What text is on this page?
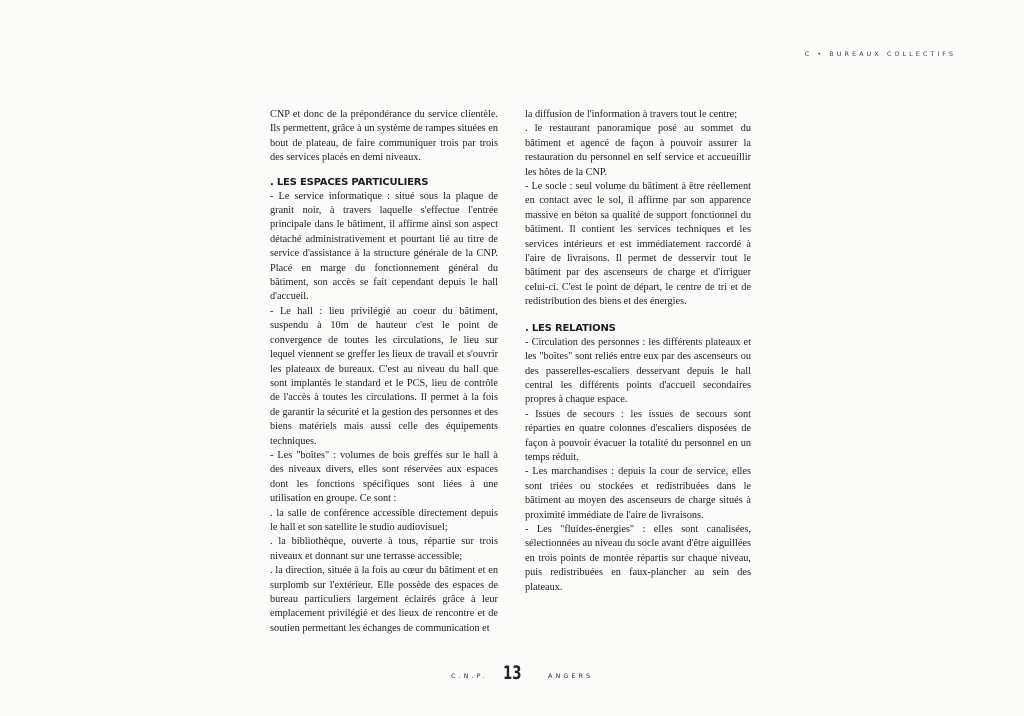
C • BUREAUX COLLECTIFS

CNP et donc de la prépondérance du service clientèle. Ils permettent, grâce à un système de rampes situées en bout de plateau, de faire communiquer trois par trois des services placés en demi niveaux.

. LES ESPACES PARTICULIERS

- Le service informatique : situé sous la plaque de granit noir, à travers laquelle s'effectue l'entrée principale dans le bâtiment, il affirme ainsi son aspect détaché administrativement et pourtant lié au titre de service d'assistance à la structure générale de la CNP. Placé en marge du fonctionnement général du bâtiment, son accès se fait cependant depuis le hall d'accueil.

- Le hall : lieu privilégié au coeur du bâtiment, suspendu à 10m de hauteur c'est le point de convergence de toutes les circulations, le lieu sur lequel viennent se greffer les lieux de travail et s'ouvrir les plateaux de bureaux. C'est au niveau du hall que sont implantés le standard et le PCS, lieu de contrôle de l'accès à toutes les circulations. Il permet à la fois de garantir la sécurité et la gestion des personnes et des biens matériels mais aussi celle des équipements techniques.

- Les "boîtes" : volumes de bois greffés sur le hall à des niveaux divers, elles sont réservées aux espaces dont les fonctions spécifiques sont liées à une utilisation en groupe. Ce sont :

. la salle de conférence accessible directement depuis le hall et son satellite le studio audiovisuel;

. la bibliothèque, ouverte à tous, répartie sur trois niveaux et donnant sur une terrasse accessible;

. la direction, située à la fois au cœur du bâtiment et en surplomb sur l'extérieur. Elle possède des espaces de bureau particuliers largement éclairés grâce à leur emplacement privilégié et des lieux de rencontre et de soutien permettant les échanges de communication et

la diffusion de l'information à travers tout le centre;

. le restaurant panoramique posé au sommet du bâtiment et agencé de façon à pouvoir assurer la restauration du personnel en self service et accueuillir les hôtes de la CNP.

- Le socle : seul volume du bâtiment à être réellement en contact avec le sol, il affirme par son apparence massive en béton sa qualité de support fonctionnel du bâtiment. Il contient les services techniques et les services intérieurs et est immédiatement raccordé à l'aire de livraisons. Il permet de desservir tout le bâtiment par des ascenseurs de charge et d'irriguer celui-ci. C'est le point de départ, le centre de tri et de redistribution des biens et des énergies.

. LES RELATIONS

- Circulation des personnes : les différents plateaux et les "boîtes" sont reliés entre eux par des ascenseurs ou des passerelles-escaliers desservant depuis le hall central les différents points d'accueil secondaires propres à chaque espace.

- Issues de secours : les issues de secours sont réparties en quatre colonnes d'escaliers disposées de façon à pouvoir évacuer la totalité du personnel en un temps réduit.

- Les marchandises : depuis la cour de service, elles sont triées ou stockées et redistribuées dans le bâtiment au moyen des ascenseurs de charge situés à proximité immédiate de l'aire de livraisons.

- Les "fluides-énergies" : elles sont canalisées, sélectionnées au niveau du socle avant d'être aiguillées en trois points de montée répartis sur chaque niveau, puis redistribuées en faux-plancher au sein des plateaux.

C.N.P. 13	ANGERS
